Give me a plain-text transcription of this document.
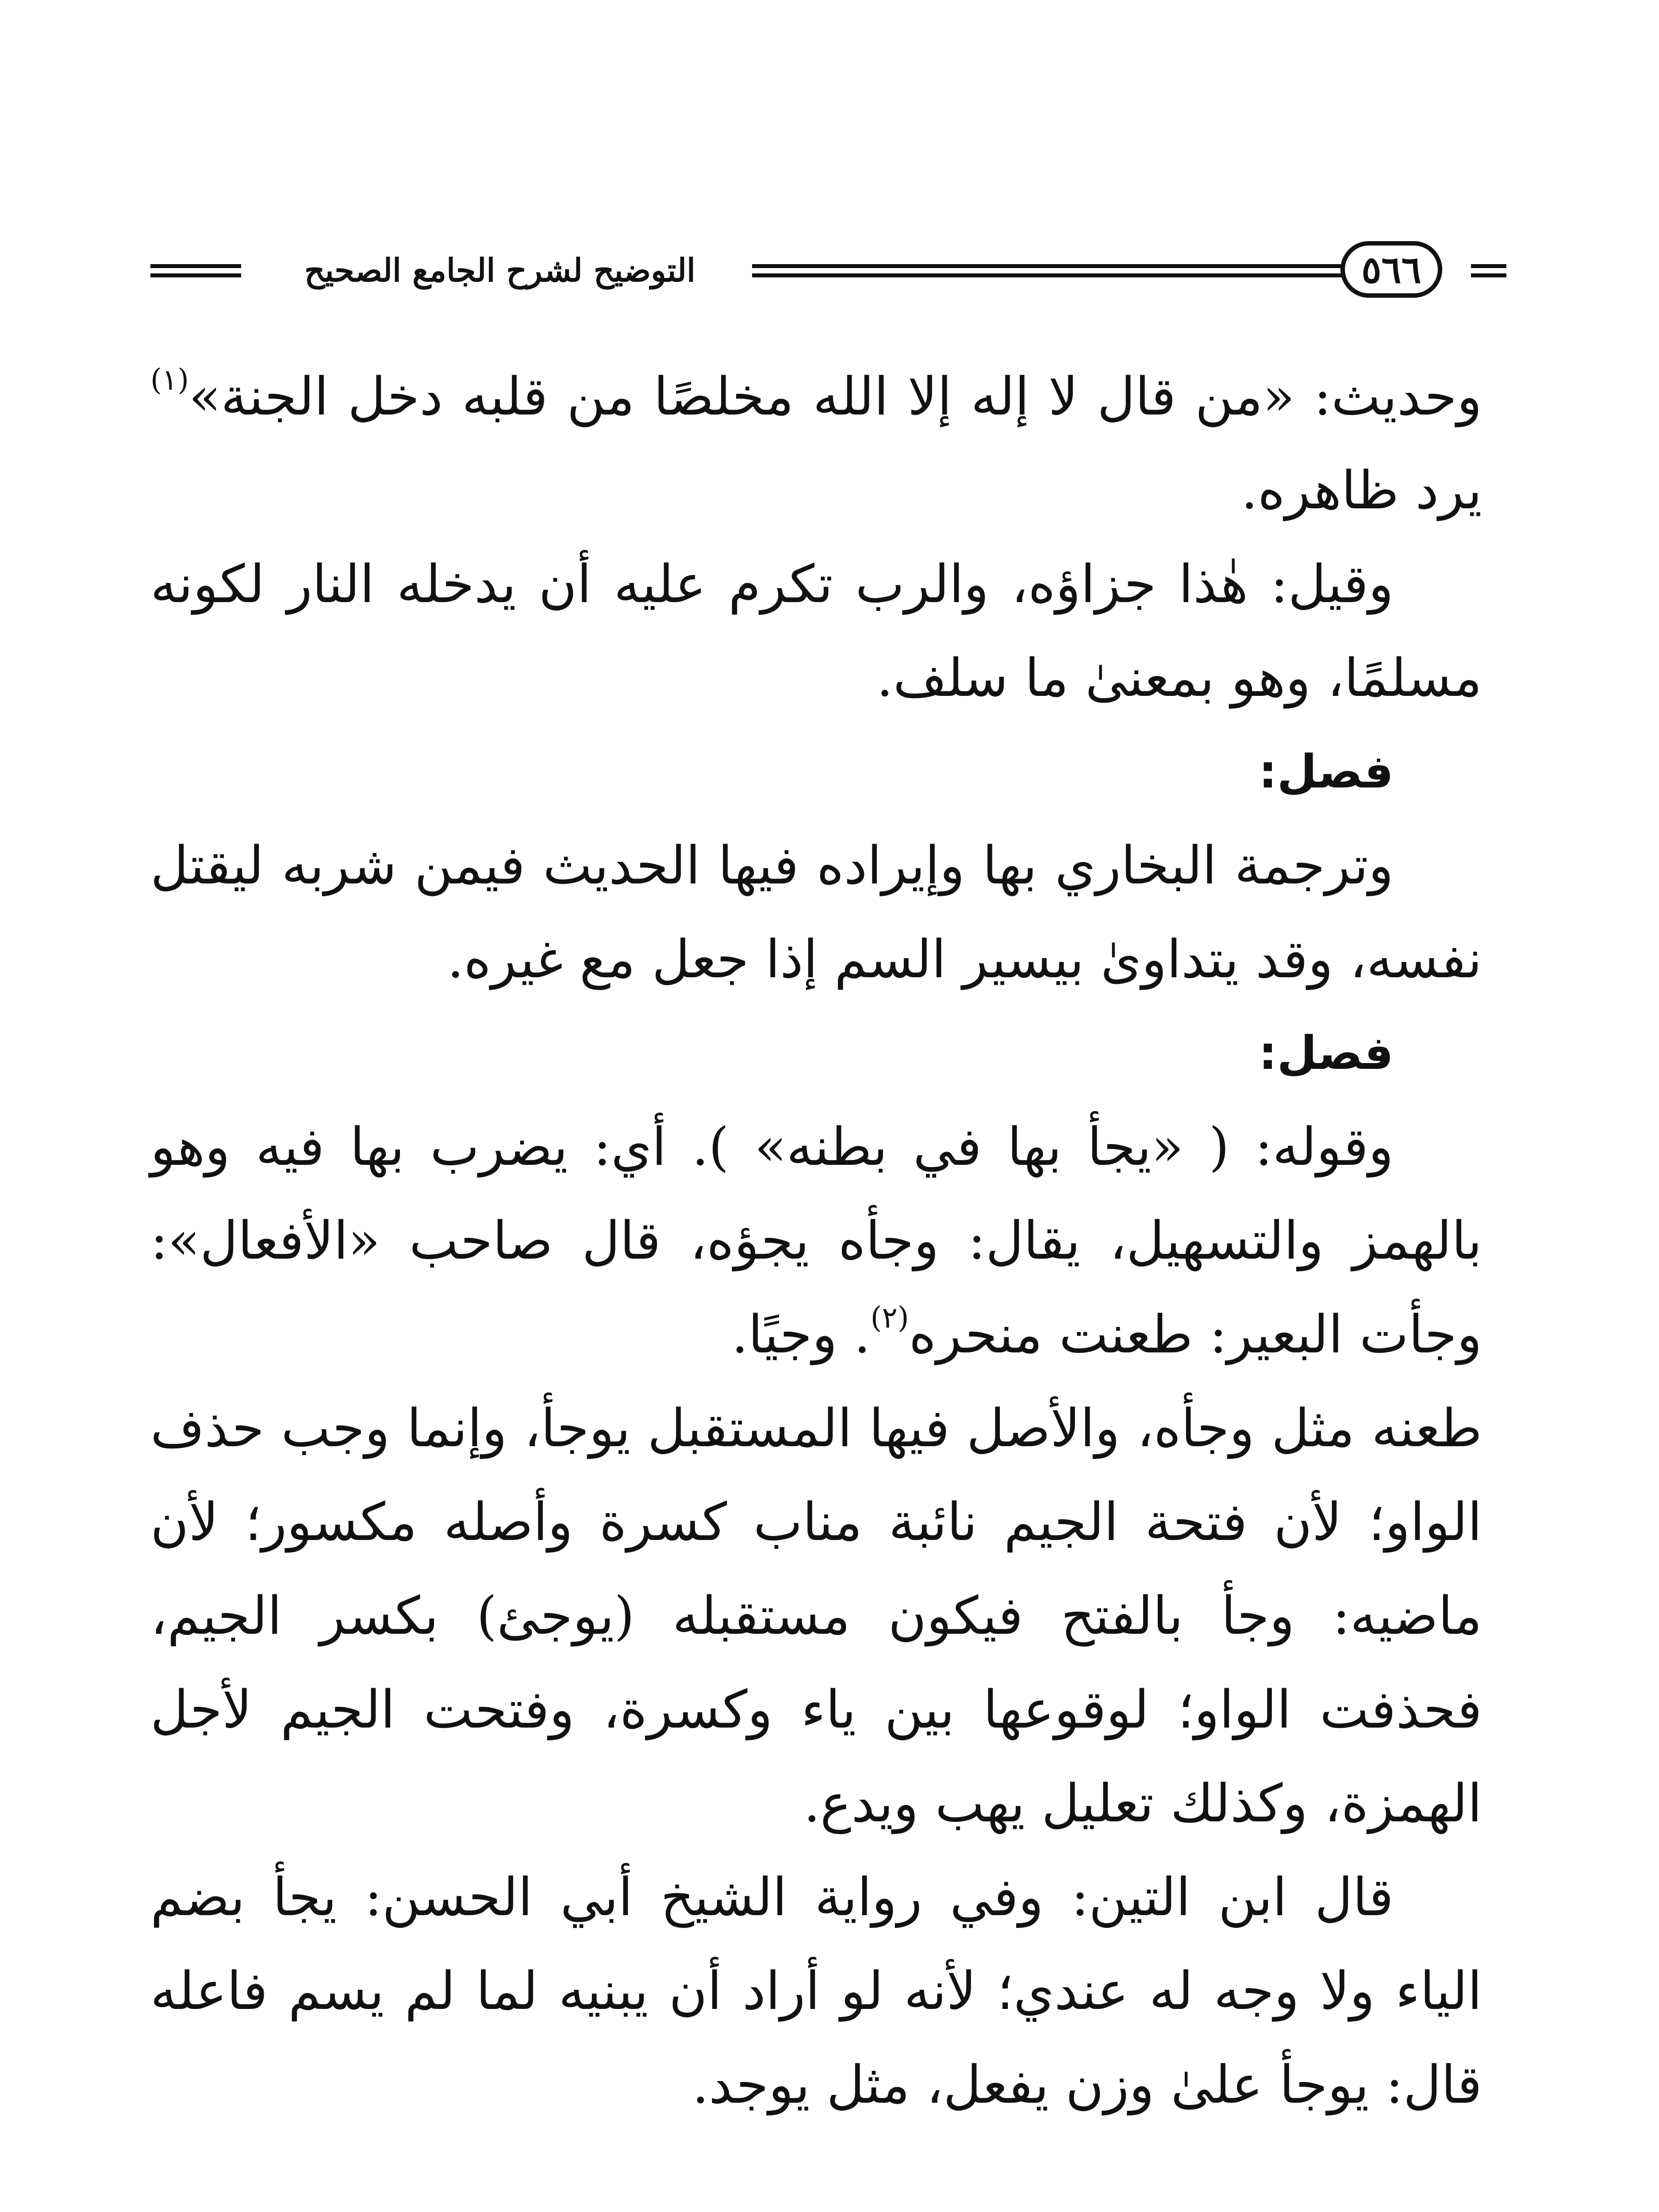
التوضيح لشرح الجامع الصحيح	٥٦٦

وحديث: «من قال لا إله إلا الله مخلصًا من قلبه دخل الجنة»$^{(١)}$ يرد ظاهره.

وقيل: هٰذا جزاؤه، والرب تكرم عليه أن يدخله النار لكونه مسلمًا، وهو بمعنىٰ ما سلف.

فصل:

وترجمة البخاري بها وإيراده فيها الحديث فيمن شربه ليقتل نفسه، وقد يتداوىٰ بيسير السم إذا جعل مع غيره.

فصل:

وقوله: ( «يجأ بها في بطنه» ). أي: يضرب بها فيه وهو بالهمز والتسهيل، يقال: وجأه يجؤه، قال صاحب «الأفعال»: وجأت البعير: طعنت منحره$^{(٢)}$. وجيًا.

طعنه مثل وجأه، والأصل فيها المستقبل يوجأ، وإنما وجب حذف الواو؛ لأن فتحة الجيم نائبة مناب كسرة وأصله مكسور؛ لأن ماضيه: وجأ بالفتح فيكون مستقبله (يوجئ) بكسر الجيم، فحذفت الواو؛ لوقوعها بين ياء وكسرة، وفتحت الجيم لأجل الهمزة، وكذلك تعليل يهب ويدع.

قال ابن التين: وفي رواية الشيخ أبي الحسن: يجأ بضم الياء ولا وجه له عندي؛ لأنه لو أراد أن يبنيه لما لم يسم فاعله قال: يوجأ علىٰ وزن يفعل، مثل يوجد.
